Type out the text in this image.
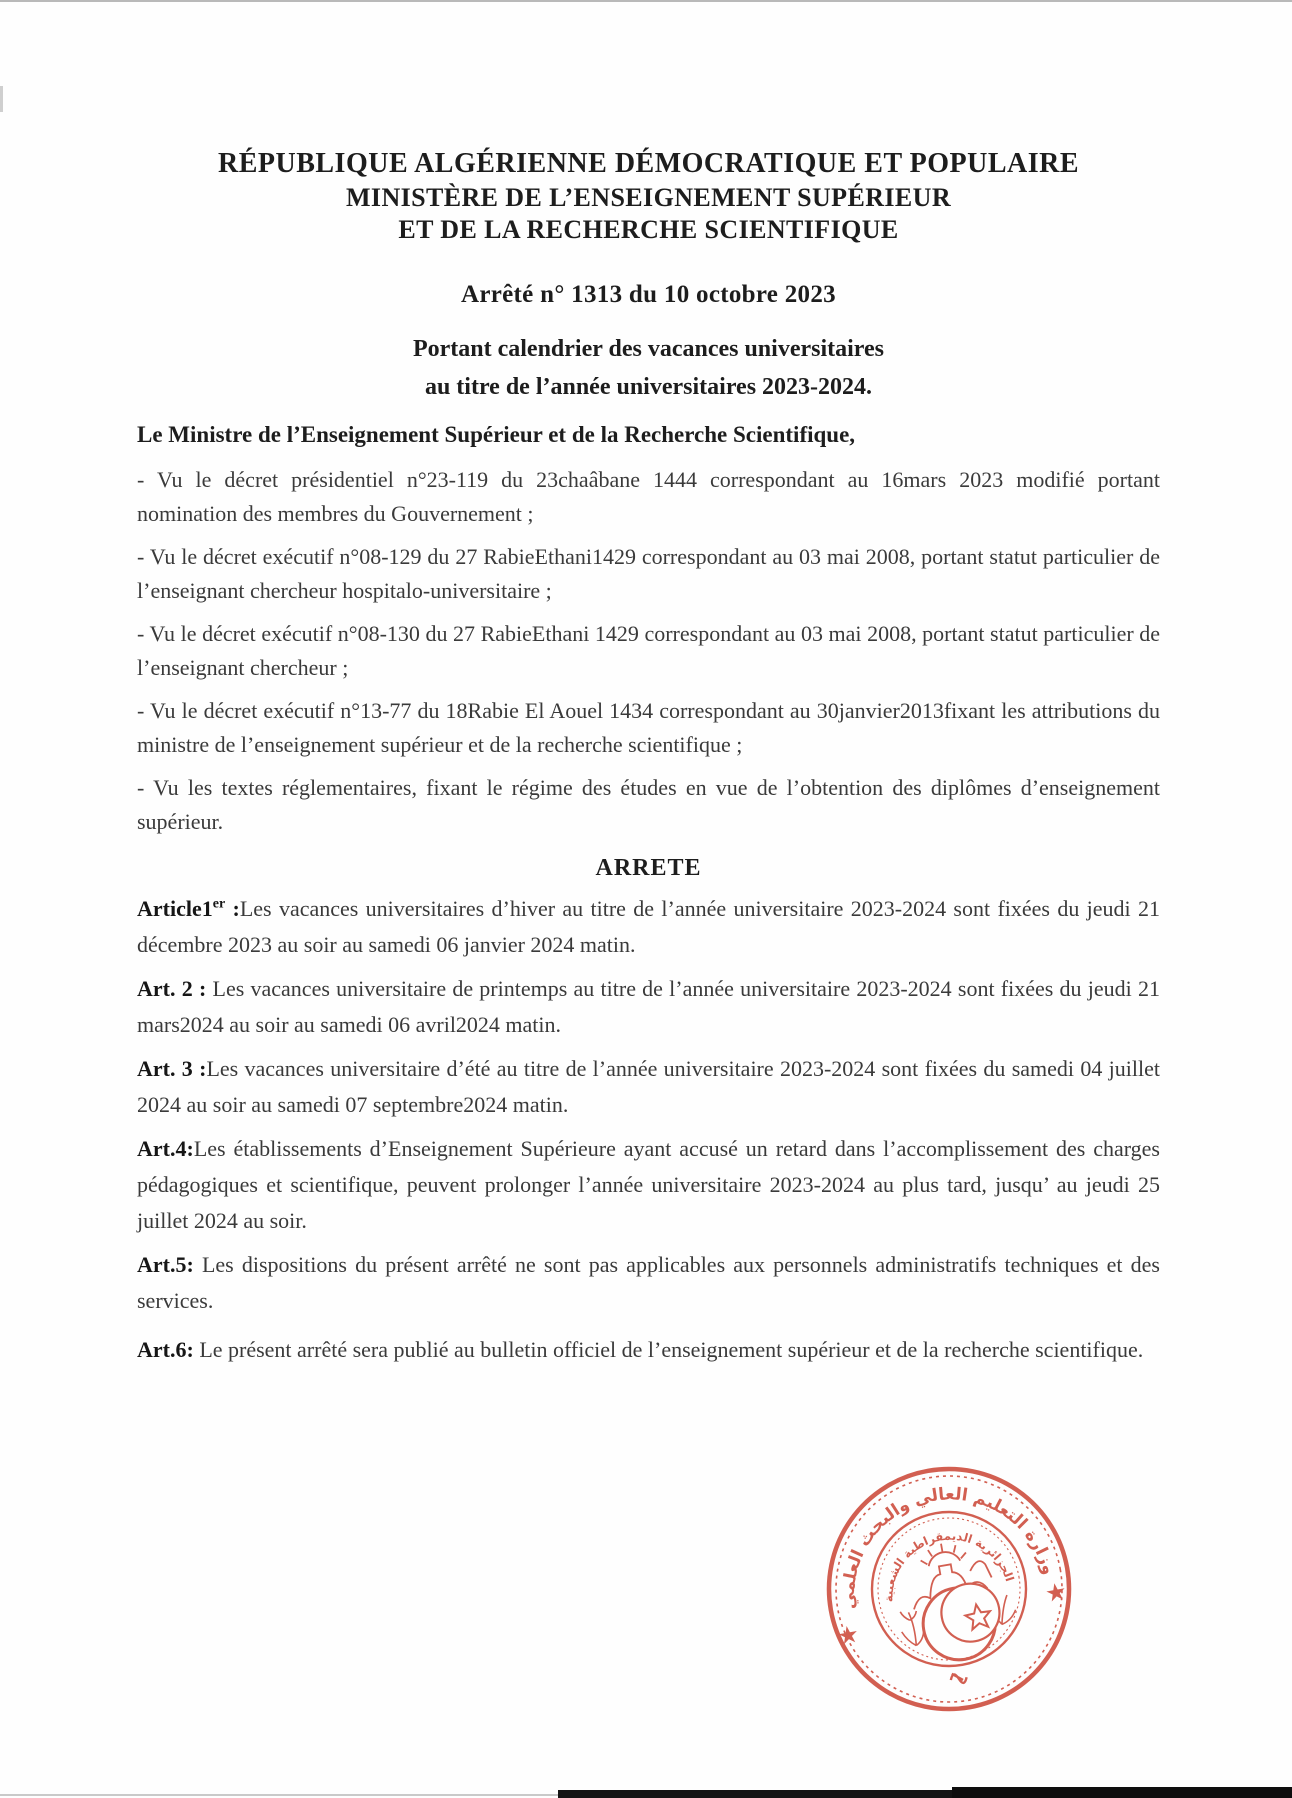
RÉPUBLIQUE ALGÉRIENNE DÉMOCRATIQUE ET POPULAIRE
MINISTÈRE DE L’ENSEIGNEMENT SUPÉRIEUR
ET DE LA RECHERCHE SCIENTIFIQUE
Arrêté n° 1313 du 10 octobre 2023
Portant calendrier des vacances universitaires
au titre de l’année universitaires 2023-2024.
Le Ministre de l’Enseignement Supérieur et de la Recherche Scientifique,

- Vu le décret présidentiel n°23-119 du 23chaâbane 1444 correspondant au 16mars 2023 modifié portant nomination des membres du Gouvernement ;

- Vu le décret exécutif n°08-129 du 27 RabieEthani1429 correspondant au 03 mai 2008, portant statut particulier de l’enseignant chercheur hospitalo-universitaire ;

- Vu le décret exécutif n°08-130 du 27 RabieEthani 1429 correspondant au 03 mai 2008, portant statut particulier de l’enseignant chercheur ;

- Vu le décret exécutif n°13-77 du 18Rabie El Aouel 1434 correspondant au 30janvier2013fixant les attributions du ministre de l’enseignement supérieur et de la recherche scientifique ;

- Vu les textes réglementaires, fixant le régime des études en vue de l’obtention des diplômes d’enseignement supérieur.

ARRETE

Article1er :Les vacances universitaires d’hiver au titre de l’année universitaire 2023-2024 sont fixées du jeudi 21 décembre 2023 au soir au samedi 06 janvier 2024 matin.

Art. 2 : Les vacances universitaire de printemps au titre de l’année universitaire 2023-2024 sont fixées du jeudi 21 mars2024 au soir au samedi 06 avril2024 matin.

Art. 3 :Les vacances universitaire d’été au titre de l’année universitaire 2023-2024 sont fixées du samedi 04 juillet 2024 au soir au samedi 07 septembre2024 matin.

Art.4:Les établissements d’Enseignement Supérieure ayant accusé un retard dans l’accomplissement des charges pédagogiques et scientifique, peuvent prolonger l’année universitaire 2023-2024 au plus tard, jusqu’ au jeudi 25 juillet 2024 au soir.

Art.5: Les dispositions du présent arrêté ne sont pas applicables aux personnels administratifs techniques et des services.

Art.6: Le présent arrêté sera publié au bulletin officiel de l’enseignement supérieur et de la recherche scientifique.

وزارة التعليم العالي والبحث العلمي
الجزائرية الديمقراطية الشعبية
★
★
